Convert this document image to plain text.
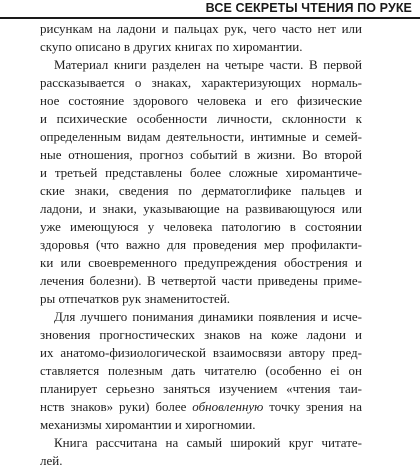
ВСЕ СЕКРЕТЫ ЧТЕНИЯ ПО РУКЕ
рисункам на ладони и пальцах рук, чего часто нет или
скупо описано в других книгах по хиромантии.
Материал книги разделен на четыре части. В первой
рассказывается о знаках, характеризующих нормаль-
ное состояние здорового человека и его физические
и психические особенности личности, склонности к
определенным видам деятельности, интимные и семей-
ные отношения, прогноз событий в жизни. Во второй
и третьей представлены более сложные хиромантиче-
ские знаки, сведения по дерматоглифике пальцев и
ладони, и знаки, указывающие на развивающуюся или
уже имеющуюся у человека патологию в состоянии
здоровья (что важно для проведения мер профилакти-
ки или своевременного предупреждения обострения и
лечения болезни). В четвертой части приведены приме-
ры отпечатков рук знаменитостей.
Для лучшего понимания динамики появления и исче-
зновения прогностических знаков на коже ладони и
их анатомо-физиологической взаимосвязи автору пред-
ставляется полезным дать читателю (особенно ei он
планирует серьезно заняться изучением «чтения таи-
нств знаков» руки) более обновленную точку зрения на
механизмы хиромантии и хирогномии.
Книга рассчитана на самый широкий круг читате-
лей.
